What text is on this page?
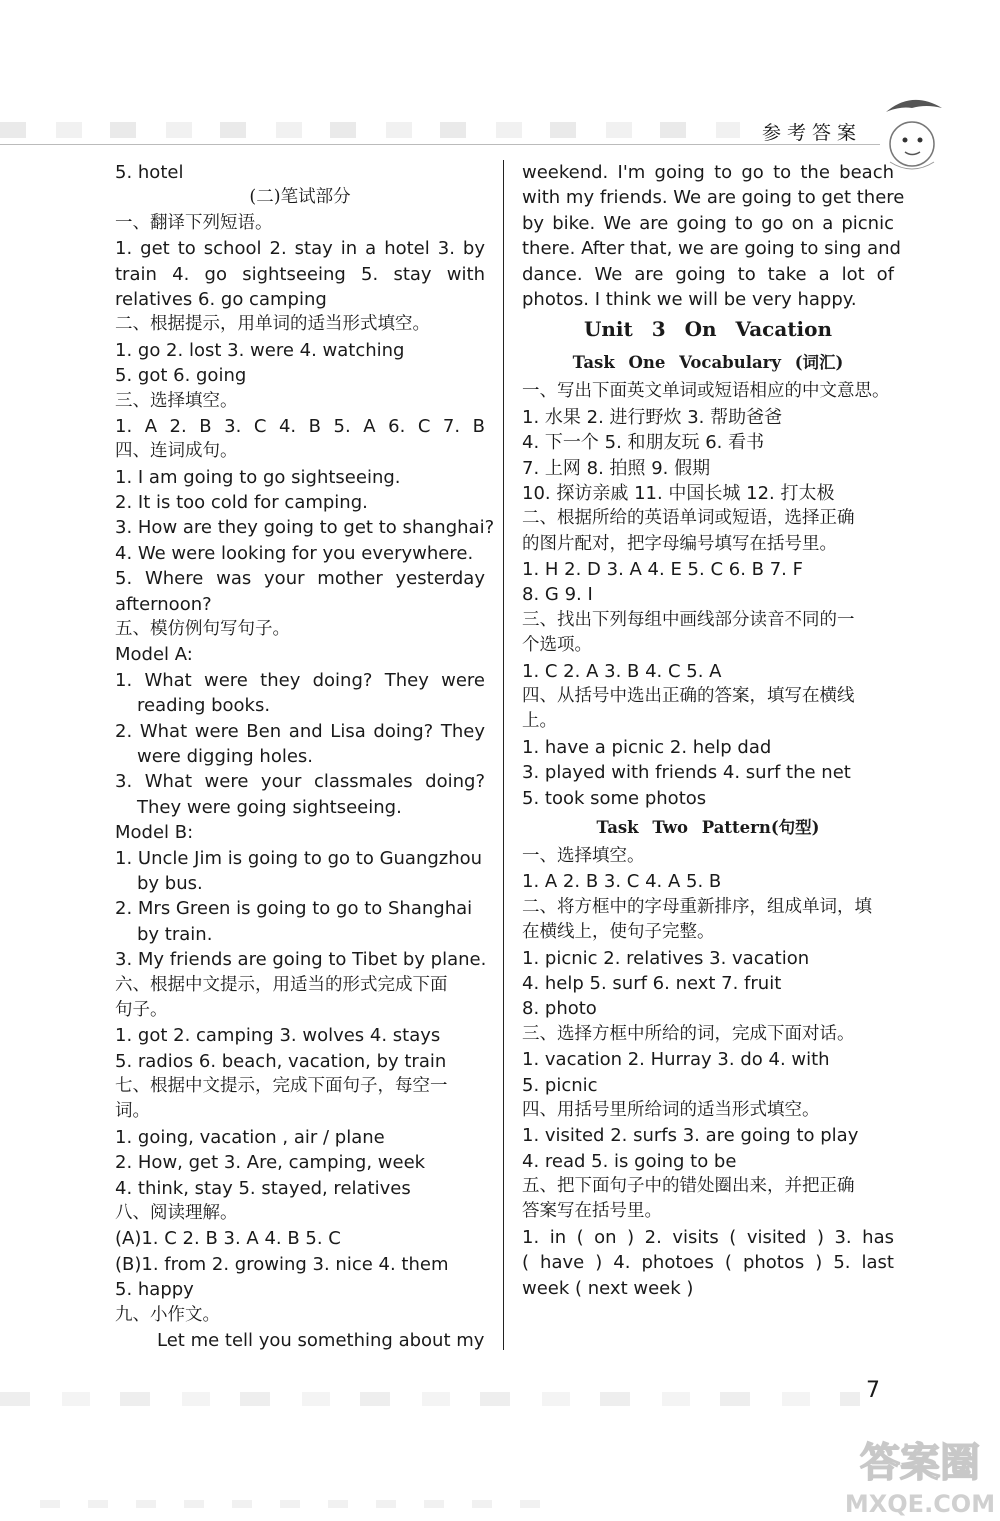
参考答案
5. hotel
(二)笔试部分
一、翻译下列短语。
1. get to school 2. stay in a hotel 3. by
train 4. go sightseeing 5. stay with
relatives 6. go camping
二、根据提示，用单词的适当形式填空。
1. go 2. lost 3. were 4. watching
5. got 6. going
三、选择填空。
1. A 2. B 3. C 4. B 5. A 6. C 7. B
四、连词成句。
1. I am going to go sightseeing.
2. It is too cold for camping.
3. How are they going to get to shanghai?
4. We were looking for you everywhere.
5. Where was your mother yesterday
afternoon?
五、模仿例句写句子。
Model A:
1. What were they doing? They were
reading books.
2. What were Ben and Lisa doing? They
were digging holes.
3. What were your classmales doing?
They were going sightseeing.
Model B:
1. Uncle Jim is going to go to Guangzhou
by bus.
2. Mrs Green is going to go to Shanghai
by train.
3. My friends are going to Tibet by plane.
六、根据中文提示，用适当的形式完成下面
句子。
1. got 2. camping 3. wolves 4. stays
5. radios 6. beach, vacation, by train
七、根据中文提示，完成下面句子，每空一
词。
1. going, vacation , air / plane
2. How, get 3. Are, camping, week
4. think, stay 5. stayed, relatives
八、阅读理解。
(A)1. C 2. B 3. A 4. B 5. C
(B)1. from 2. growing 3. nice 4. them
5. happy
九、小作文。
Let me tell you something about my
weekend. I'm going to go to the beach
with my friends. We are going to get there
by bike. We are going to go on a picnic
there. After that, we are going to sing and
dance. We are going to take a lot of
photos. I think we will be very happy.
Unit 3 On Vacation
Task One Vocabulary (词汇)
一、写出下面英文单词或短语相应的中文意思。
1. 水果 2. 进行野炊 3. 帮助爸爸
4. 下一个 5. 和朋友玩 6. 看书
7. 上网 8. 拍照 9. 假期
10. 探访亲戚 11. 中国长城 12. 打太极
二、根据所给的英语单词或短语，选择正确
的图片配对，把字母编号填写在括号里。
1. H 2. D 3. A 4. E 5. C 6. B 7. F
8. G 9. I
三、找出下列每组中画线部分读音不同的一
个选项。
1. C 2. A 3. B 4. C 5. A
四、从括号中选出正确的答案，填写在横线
上。
1. have a picnic 2. help dad
3. played with friends 4. surf the net
5. took some photos
Task Two Pattern(句型)
一、选择填空。
1. A 2. B 3. C 4. A 5. B
二、将方框中的字母重新排序，组成单词，填
在横线上，使句子完整。
1. picnic 2. relatives 3. vacation
4. help 5. surf 6. next 7. fruit
8. photo
三、选择方框中所给的词，完成下面对话。
1. vacation 2. Hurray 3. do 4. with
5. picnic
四、用括号里所给词的适当形式填空。
1. visited 2. surfs 3. are going to play
4. read 5. is going to be
五、把下面句子中的错处圈出来，并把正确
答案写在括号里。
1. in ( on ) 2. visits ( visited ) 3. has
( have ) 4. photoes ( photos ) 5. last
week ( next week )
7
答案圈
MXQE.COM
